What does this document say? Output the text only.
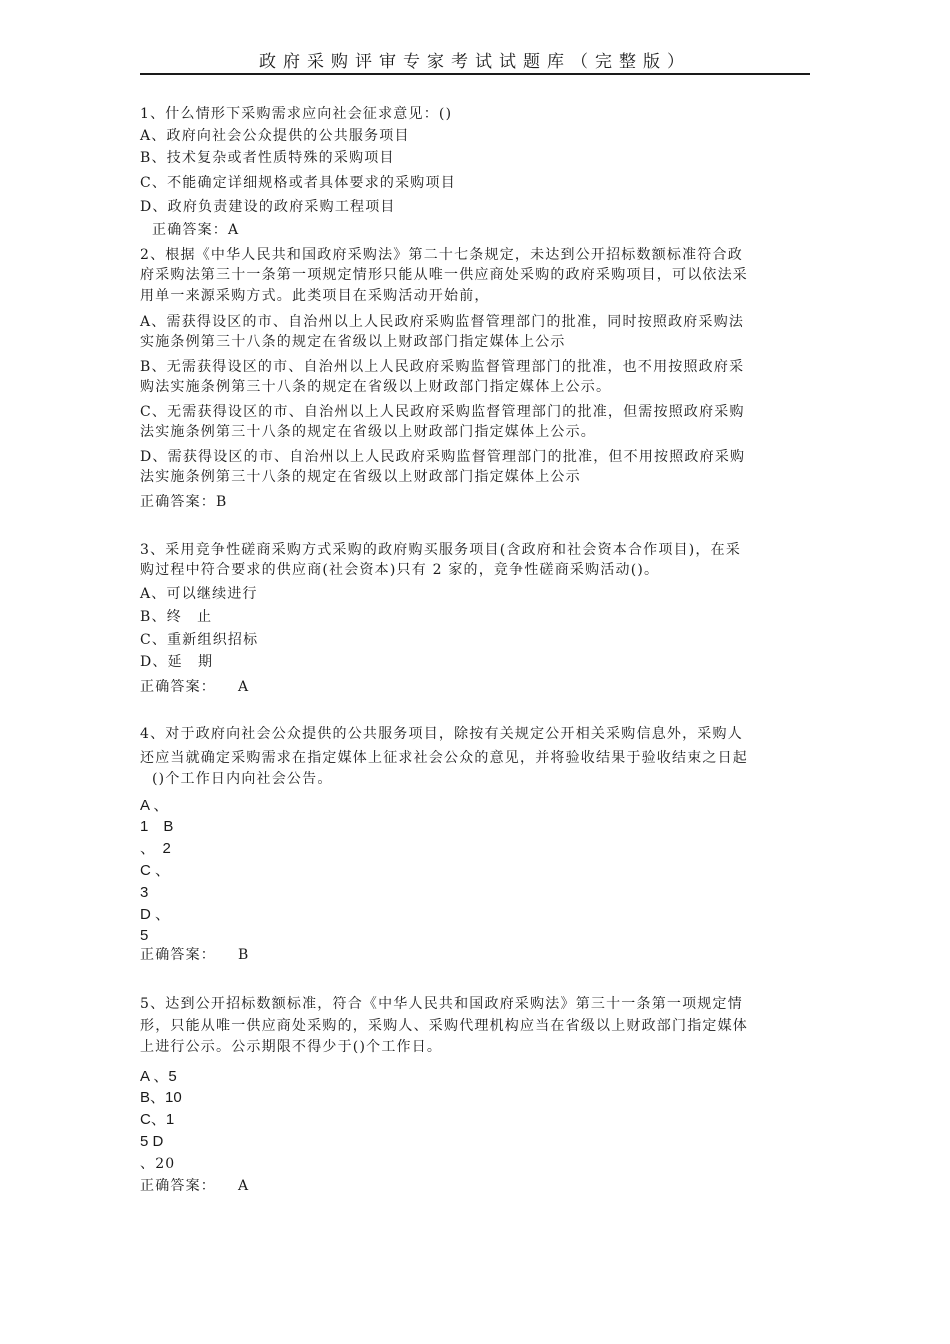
政府采购评审专家考试试题库（完整版）
1、什么情形下采购需求应向社会征求意见：()
A、政府向社会公众提供的公共服务项目
B、技术复杂或者性质特殊的采购项目
C、不能确定详细规格或者具体要求的采购项目
D、政府负责建设的政府采购工程项目
正确答案：A
2、根据《中华人民共和国政府采购法》第二十七条规定，未达到公开招标数额标准符合政
府采购法第三十一条第一项规定情形只能从唯一供应商处采购的政府采购项目，可以依法采
用单一来源采购方式。此类项目在采购活动开始前，
A、需获得设区的市、自治州以上人民政府采购监督管理部门的批准，同时按照政府采购法
实施条例第三十八条的规定在省级以上财政部门指定媒体上公示
B、无需获得设区的市、自治州以上人民政府采购监督管理部门的批准，也不用按照政府采
购法实施条例第三十八条的规定在省级以上财政部门指定媒体上公示。
C、无需获得设区的市、自治州以上人民政府采购监督管理部门的批准，但需按照政府采购
法实施条例第三十八条的规定在省级以上财政部门指定媒体上公示。
D、需获得设区的市、自治州以上人民政府采购监督管理部门的批准，但不用按照政府采购
法实施条例第三十八条的规定在省级以上财政部门指定媒体上公示
正确答案：B
3、采用竞争性磋商采购方式采购的政府购买服务项目(含政府和社会资本合作项目)，在采
购过程中符合要求的供应商(社会资本)只有 2 家的，竞争性磋商采购活动()。
A、可以继续进行
B、终　止
C、重新组织招标
D、延　期
正确答案： A
4、对于政府向社会公众提供的公共服务项目，除按有关规定公开相关采购信息外，采购人
还应当就确定采购需求在指定媒体上征求社会公众的意见，并将验收结果于验收结束之日起
()个工作日内向社会公告。
A 、
1　B
、　2
C 、
3
D 、
5
正确答案： B
5、达到公开招标数额标准，符合《中华人民共和国政府采购法》第三十一条第一项规定情
形，只能从唯一供应商处采购的，采购人、采购代理机构应当在省级以上财政部门指定媒体
上进行公示。公示期限不得少于()个工作日。
A 、5
B、10
C、1
5 D
、20
正确答案： A
